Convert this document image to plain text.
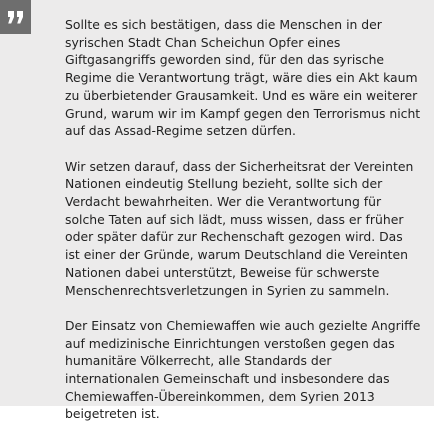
Sollte es sich bestätigen, dass die Menschen in der syrischen Stadt Chan Scheichun Opfer eines Giftgasangriffs geworden sind, für den das syrische Regime die Verantwortung trägt, wäre dies ein Akt kaum zu überbietender Grausamkeit. Und es wäre ein weiterer Grund, warum wir im Kampf gegen den Terrorismus nicht auf das Assad-Regime setzen dürfen.

Wir setzen darauf, dass der Sicherheitsrat der Vereinten Nationen eindeutig Stellung bezieht, sollte sich der Verdacht bewahrheiten. Wer die Verantwortung für solche Taten auf sich lädt, muss wissen, dass er früher oder später dafür zur Rechenschaft gezogen wird. Das ist einer der Gründe, warum Deutschland die Vereinten Nationen dabei unterstützt, Beweise für schwerste Menschenrechtsverletzungen in Syrien zu sammeln.

Der Einsatz von Chemiewaffen wie auch gezielte Angriffe auf medizinische Einrichtungen verstoßen gegen das humanitäre Völkerrecht, alle Standards der internationalen Gemeinschaft und insbesondere das Chemiewaffen-Übereinkommen, dem Syrien 2013 beigetreten ist.
